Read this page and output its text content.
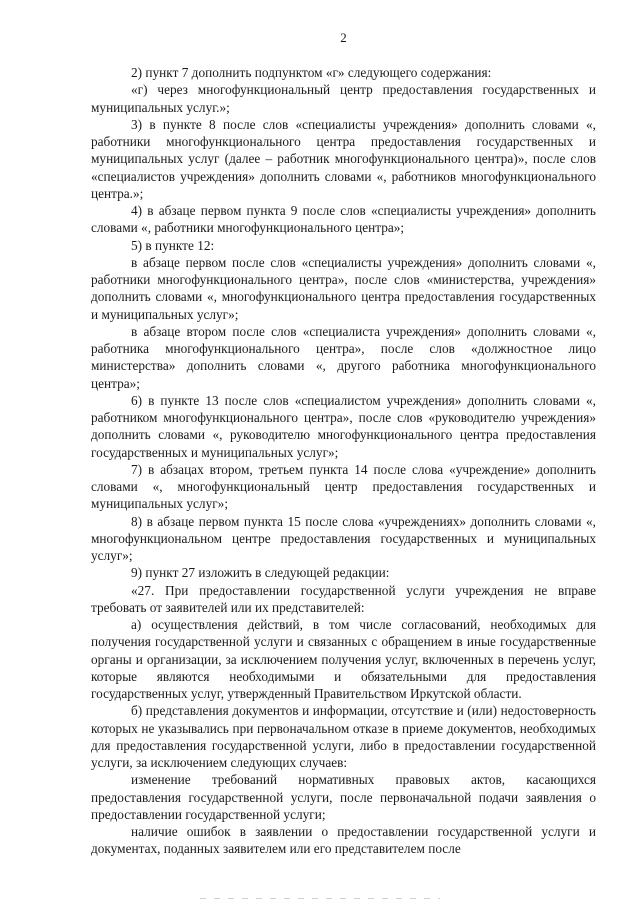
2

2) пункт 7 дополнить подпунктом «г» следующего содержания:

«г) через многофункциональный центр предоставления государственных и муниципальных услуг.»;

3) в пункте 8 после слов «специалисты учреждения» дополнить словами «, работники многофункционального центра предоставления государственных и муниципальных услуг (далее – работник многофункционального центра)», после слов «специалистов учреждения» дополнить словами «, работников многофункционального центра.»;

4) в абзаце первом пункта 9 после слов «специалисты учреждения» дополнить словами «, работники многофункционального центра»;

5) в пункте 12:

в абзаце первом после слов «специалисты учреждения» дополнить словами «, работники многофункционального центра», после слов «министерства, учреждения» дополнить словами «, многофункционального центра предоставления государственных и муниципальных услуг»;

в абзаце втором после слов «специалиста учреждения» дополнить словами «, работника многофункционального центра», после слов «должностное лицо министерства» дополнить словами «, другого работника многофункционального центра»;

6) в пункте 13 после слов «специалистом учреждения» дополнить словами «, работником многофункционального центра», после слов «руководителю учреждения» дополнить словами «, руководителю многофункционального центра предоставления государственных и муниципальных услуг»;

7) в абзацах втором, третьем пункта 14 после слова «учреждение» дополнить словами «, многофункциональный центр предоставления государственных и муниципальных услуг»;

8) в абзаце первом пункта 15 после слова «учреждениях» дополнить словами «, многофункциональном центре предоставления государственных и муниципальных услуг»;

9) пункт 27 изложить в следующей редакции:

«27. При предоставлении государственной услуги учреждения не вправе требовать от заявителей или их представителей:

а) осуществления действий, в том числе согласований, необходимых для получения государственной услуги и связанных с обращением в иные государственные органы и организации, за исключением получения услуг, включенных в перечень услуг, которые являются необходимыми и обязательными для предоставления государственных услуг, утвержденный Правительством Иркутской области.

б) представления документов и информации, отсутствие и (или) недостоверность которых не указывались при первоначальном отказе в приеме документов, необходимых для предоставления государственной услуги, либо в предоставлении государственной услуги, за исключением следующих случаев:

изменение требований нормативных правовых актов, касающихся предоставления государственной услуги, после первоначальной подачи заявления о предоставлении государственной услуги;

наличие ошибок в заявлении о предоставлении государственной услуги и документах, поданных заявителем или его представителем после
